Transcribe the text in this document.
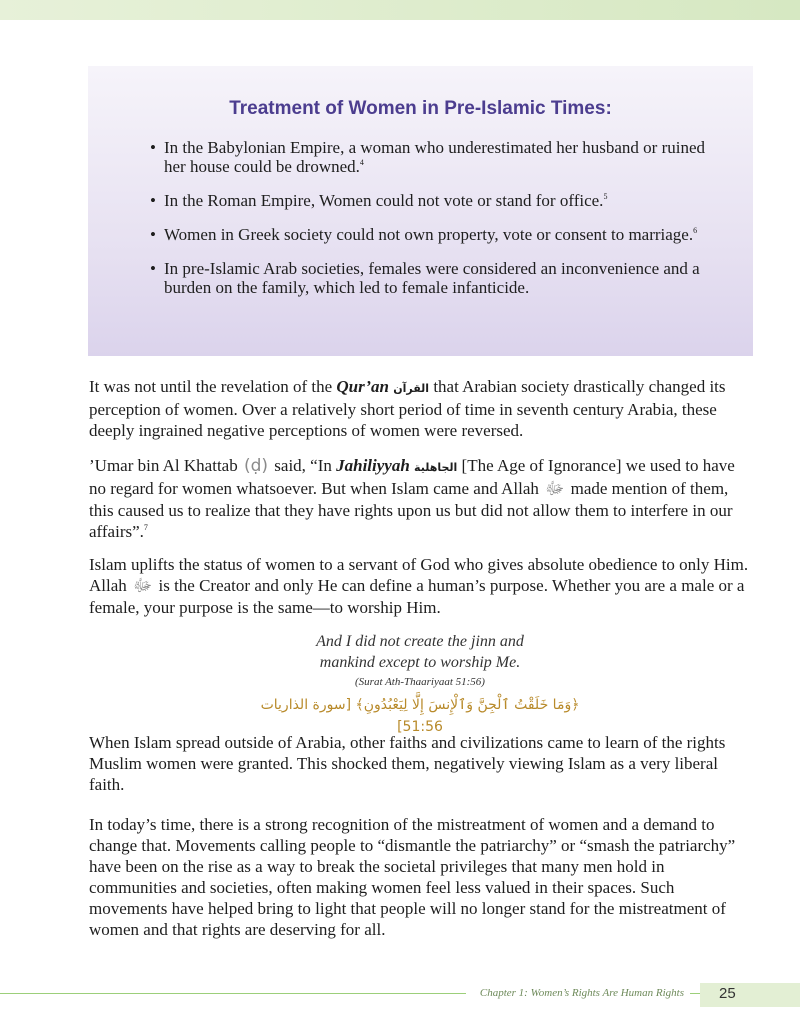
Treatment of Women in Pre-Islamic Times:
• In the Babylonian Empire, a woman who underestimated her husband or ruined her house could be drowned.$^4$
• In the Roman Empire, Women could not vote or stand for office.$^5$
• Women in Greek society could not own property, vote or consent to marriage.$^6$
• In pre-Islamic Arab societies, females were considered an inconvenience and a burden on the family, which led to female infanticide.

It was not until the revelation of the Qur’an القرآن that Arabian society drastically changed its perception of women. Over a relatively short period of time in seventh century Arabia, these deeply ingrained negative perceptions of women were reversed.

’Umar bin Al Khattab (ḍ) said, “In Jahiliyyah الجاهلية [The Age of Ignorance] we used to have no regard for women whatsoever. But when Islam came and Allah ﷻ made mention of them, this caused us to realize that they have rights upon us but did not allow them to interfere in our affairs”.$^7$

Islam uplifts the status of women to a servant of God who gives absolute obedience to only Him. Allah ﷻ is the Creator and only He can define a human’s purpose. Whether you are a male or a female, your purpose is the same—to worship Him.

And I did not create the jinn and
mankind except to worship Me.
(Surat Ath-Thaariyaat 51:56)
﴿وَمَا خَلَقْتُ ٱلْجِنَّ وَٱلْإِنسَ إِلَّا لِيَعْبُدُونِ﴾ [سورة الذاريات 51:56]

When Islam spread outside of Arabia, other faiths and civilizations came to learn of the rights Muslim women were granted. This shocked them, negatively viewing Islam as a very liberal faith.

In today’s time, there is a strong recognition of the mistreatment of women and a demand to change that. Movements calling people to “dismantle the patriarchy” or “smash the patriarchy” have been on the rise as a way to break the societal privileges that many men hold in communities and societies, often making women feel less valued in their spaces. Such movements have helped bring to light that people will no longer stand for the mistreatment of women and that rights are deserving for all.

Chapter 1: Women’s Rights Are Human Rights	25
